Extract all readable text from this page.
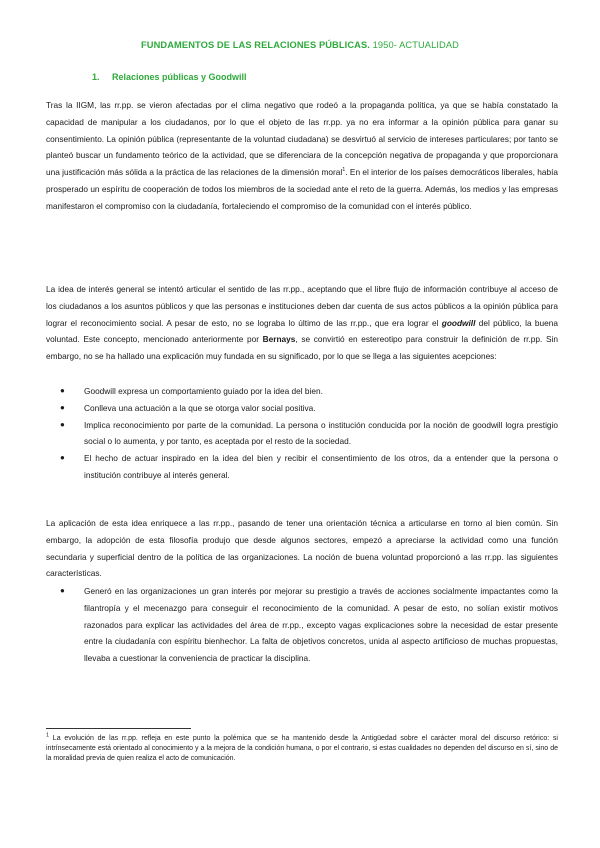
FUNDAMENTOS DE LAS RELACIONES PÚBLICAS. 1950- ACTUALIDAD
1. Relaciones públicas y Goodwill

Tras la IIGM, las rr.pp. se vieron afectadas por el clima negativo que rodeó a la propaganda política, ya que se había constatado la capacidad de manipular a los ciudadanos, por lo que el objeto de las rr.pp. ya no era informar a la opinión pública para ganar su consentimiento. La opinión pública (representante de la voluntad ciudadana) se desvirtuó al servicio de intereses particulares; por tanto se planteó buscar un fundamento teórico de la actividad, que se diferenciara de la concepción negativa de propaganda y que proporcionara una justificación más sólida a la práctica de las relaciones de la dimensión moral$^1$. En el interior de los países democráticos liberales, había prosperado un espíritu de cooperación de todos los miembros de la sociedad ante el reto de la guerra. Además, los medios y las empresas manifestaron el compromiso con la ciudadanía, fortaleciendo el compromiso de la comunidad con el interés público.

La idea de interés general se intentó articular el sentido de las rr.pp., aceptando que el libre flujo de información contribuye al acceso de los ciudadanos a los asuntos públicos y que las personas e instituciones deben dar cuenta de sus actos públicos a la opinión pública para lograr el reconocimiento social. A pesar de esto, no se lograba lo último de las rr.pp., que era lograr el goodwill del público, la buena voluntad. Este concepto, mencionado anteriormente por Bernays, se convirtió en estereotipo para construir la definición de rr.pp. Sin embargo, no se ha hallado una explicación muy fundada en su significado, por lo que se llega a las siguientes acepciones:

● Goodwill expresa un comportamiento guiado por la idea del bien.
● Conlleva una actuación a la que se otorga valor social positiva.
● Implica reconocimiento por parte de la comunidad. La persona o institución conducida por la noción de goodwill logra prestigio social o lo aumenta, y por tanto, es aceptada por el resto de la sociedad.
● El hecho de actuar inspirado en la idea del bien y recibir el consentimiento de los otros, da a entender que la persona o institución contribuye al interés general.

La aplicación de esta idea enriquece a las rr.pp., pasando de tener una orientación técnica a articularse en torno al bien común. Sin embargo, la adopción de esta filosofía produjo que desde algunos sectores, empezó a apreciarse la actividad como una función secundaria y superficial dentro de la política de las organizaciones. La noción de buena voluntad proporcionó a las rr.pp. las siguientes características.

● Generó en las organizaciones un gran interés por mejorar su prestigio a través de acciones socialmente impactantes como la filantropía y el mecenazgo para conseguir el reconocimiento de la comunidad. A pesar de esto, no solían existir motivos razonados para explicar las actividades del área de rr.pp., excepto vagas explicaciones sobre la necesidad de estar presente entre la ciudadanía con espíritu bienhechor. La falta de objetivos concretos, unida al aspecto artificioso de muchas propuestas, llevaba a cuestionar la conveniencia de practicar la disciplina.

$^1$ La evolución de las rr.pp. refleja en este punto la polémica que se ha mantenido desde la Antigüedad sobre el carácter moral del discurso retórico: si intrínsecamente está orientado al conocimiento y a la mejora de la condición humana, o por el contrario, si estas cualidades no dependen del discurso en sí, sino de la moralidad previa de quien realiza el acto de comunicación.
